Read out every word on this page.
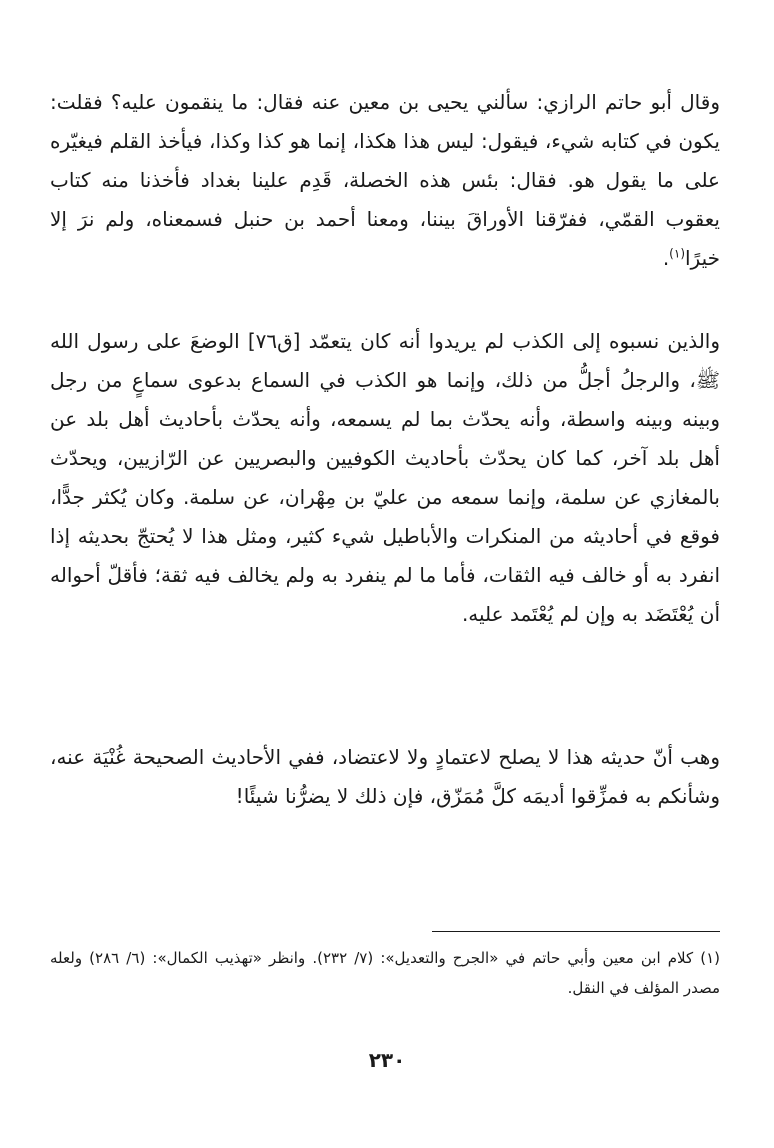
وقال أبو حاتم الرازي: سألني يحيى بن معين عنه فقال: ما ينقمون عليه؟ فقلت: يكون في كتابه شيء، فيقول: ليس هذا هكذا، إنما هو كذا وكذا، فيأخذ القلم فيغيّره على ما يقول هو. فقال: بئس هذه الخصلة، قَدِم علينا بغداد فأخذنا منه كتاب يعقوب القمّي، ففرّقنا الأوراقَ بيننا، ومعنا أحمد بن حنبل فسمعناه، ولم نرَ إلا خيرًا$^{(١)}$.

والذين نسبوه إلى الكذب لم يريدوا أنه كان يتعمّد [ق٧٦] الوضعَ على رسول الله ﷺ، والرجلُ أجلُّ من ذلك، وإنما هو الكذب في السماع بدعوى سماعٍ من رجل وبينه وبينه واسطة، وأنه يحدّث بما لم يسمعه، وأنه يحدّث بأحاديث أهل بلد عن أهل بلد آخر، كما كان يحدّث بأحاديث الكوفيين والبصريين عن الرّازيين، ويحدّث بالمغازي عن سلمة، وإنما سمعه من عليّ بن مِهْران، عن سلمة. وكان يُكثر جدًّا، فوقع في أحاديثه من المنكرات والأباطيل شيء كثير، ومثل هذا لا يُحتجّ بحديثه إذا انفرد به أو خالف فيه الثقات، فأما ما لم ينفرد به ولم يخالف فيه ثقة؛ فأقلّ أحواله أن يُعْتَضَد به وإن لم يُعْتَمد عليه.

وهب أنّ حديثه هذا لا يصلح لاعتمادٍ ولا لاعتضاد، ففي الأحاديث الصحيحة غُنْيَة عنه، وشأنكم به فمزِّقوا أديمَه كلَّ مُمَزّق، فإن ذلك لا يضرُّنا شيئًا!

(١) كلام ابن معين وأبي حاتم في «الجرح والتعديل»: (٧/ ٢٣٢). وانظر «تهذيب الكمال»: (٦/ ٢٨٦) ولعله مصدر المؤلف في النقل.

٢٣٠
